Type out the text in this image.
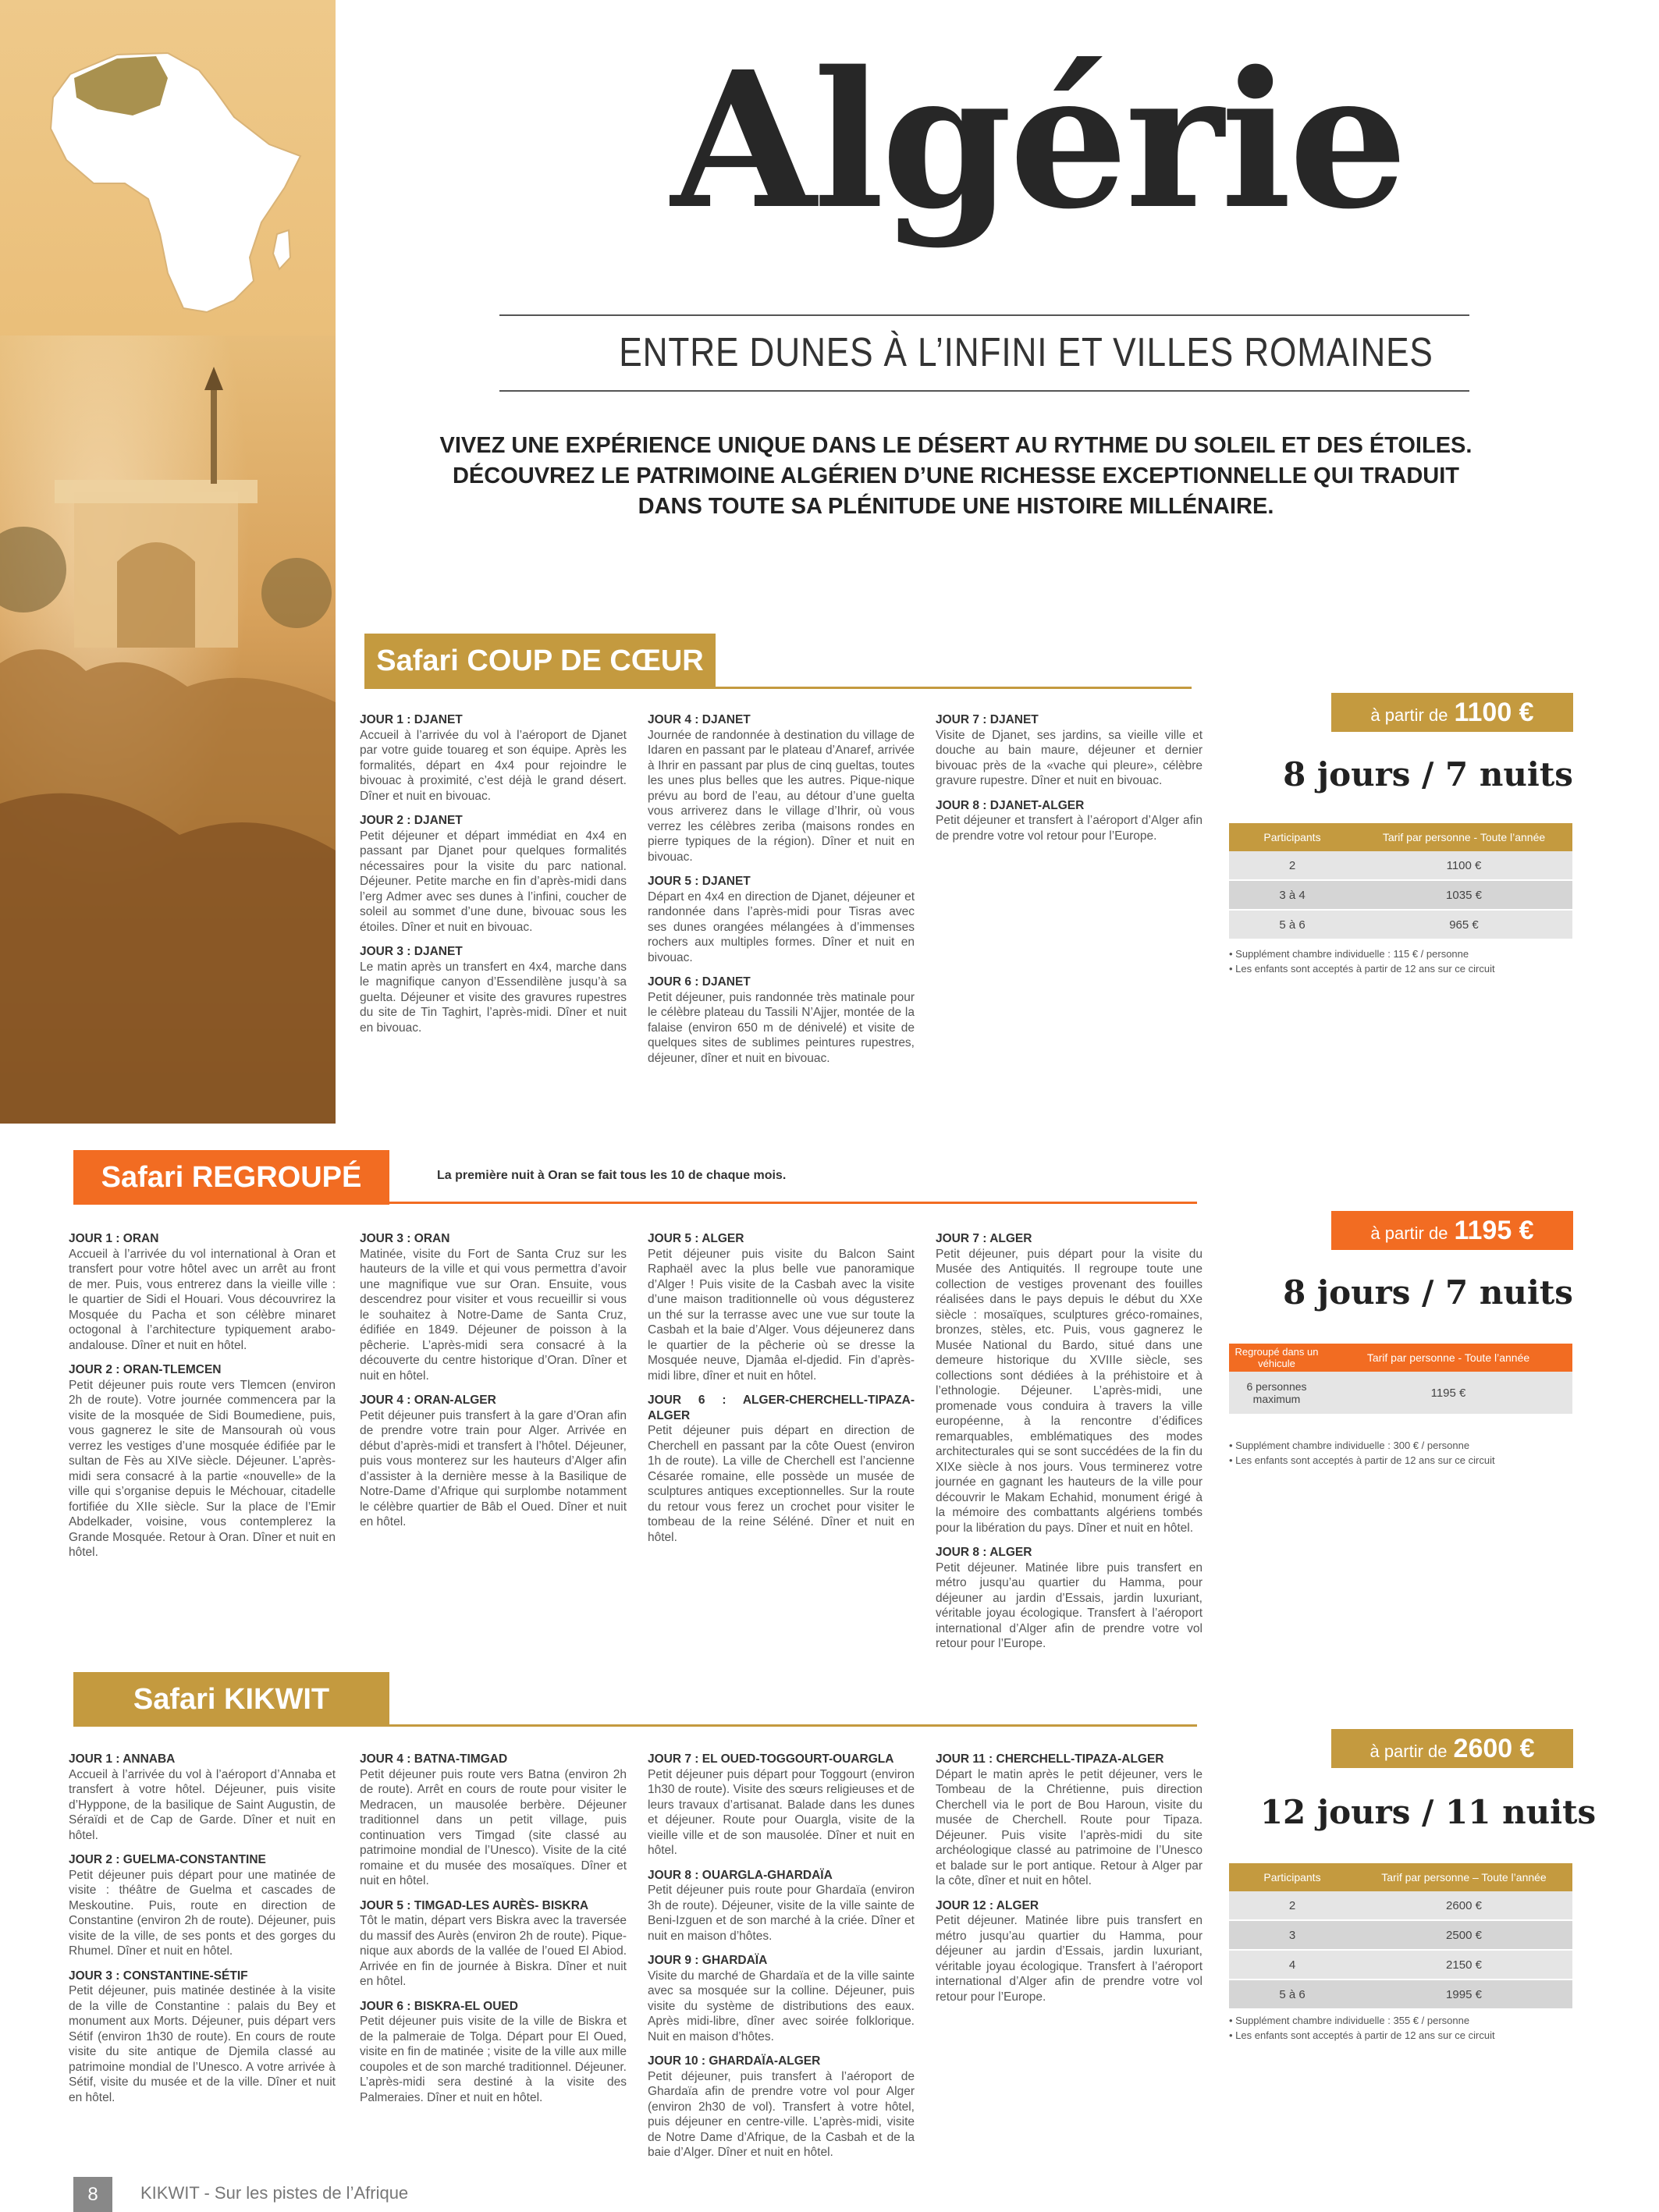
Algérie
ENTRE DUNES À L’INFINI ET VILLES ROMAINES
VIVEZ UNE EXPÉRIENCE UNIQUE DANS LE DÉSERT AU RYTHME DU SOLEIL ET DES ÉTOILES.
DÉCOUVREZ LE PATRIMOINE ALGÉRIEN D’UNE RICHESSE EXCEPTIONNELLE QUI TRADUIT
DANS TOUTE SA PLÉNITUDE UNE HISTOIRE MILLÉNAIRE.
Safari COUP DE CŒUR
JOUR 1 : DJANET
Accueil à l’arrivée du vol à l’aéroport de Djanet par votre guide touareg et son équipe. Après les formalités, départ en 4x4 pour rejoindre le bivouac à proximité, c’est déjà le grand désert. Dîner et nuit en bivouac.
JOUR 2 : DJANET
Petit déjeuner et départ immédiat en 4x4 en passant par Djanet pour quelques formalités nécessaires pour la visite du parc national. Déjeuner. Petite marche en fin d’après-midi dans l’erg Admer avec ses dunes à l’infini, coucher de soleil au sommet d’une dune, bivouac sous les étoiles. Dîner et nuit en bivouac.
JOUR 3 : DJANET
Le matin après un transfert en 4x4, marche dans le magnifique canyon d’Essendilène jusqu’à sa guelta. Déjeuner et visite des gravures rupestres du site de Tin Taghirt, l’après-midi. Dîner et nuit en bivouac.
JOUR 4 : DJANET
Journée de randonnée à destination du village de Idaren en passant par le plateau d’Anaref, arrivée à Ihrir en passant par plus de cinq gueltas, toutes les unes plus belles que les autres. Pique-nique prévu au bord de l’eau, au détour d’une guelta vous arriverez dans le village d’Ihrir, où vous verrez les célèbres zeriba (maisons rondes en pierre typiques de la région). Dîner et nuit en bivouac.
JOUR 5 : DJANET
Départ en 4x4 en direction de Djanet, déjeuner et randonnée dans l’après-midi pour Tisras avec ses dunes orangées mélangées à d’immenses rochers aux multiples formes. Dîner et nuit en bivouac.
JOUR 6 : DJANET
Petit déjeuner, puis randonnée très matinale pour le célèbre plateau du Tassili N’Ajjer, montée de la falaise (environ 650 m de dénivelé) et visite de quelques sites de sublimes peintures rupestres, déjeuner, dîner et nuit en bivouac.
JOUR 7 : DJANET
Visite de Djanet, ses jardins, sa vieille ville et douche au bain maure, déjeuner et dernier bivouac près de la «vache qui pleure», célèbre gravure rupestre. Dîner et nuit en bivouac.
JOUR 8 : DJANET-ALGER
Petit déjeuner et transfert à l’aéroport d’Alger afin de prendre votre vol retour pour l’Europe.
à partir de 1100 €
8 jours / 7 nuits
Participants	Tarif par personne - Toute l’année
2	1100 €
3 à 4	1035 €
5 à 6	965 €
• Supplément chambre individuelle : 115 € / personne
• Les enfants sont acceptés à partir de 12 ans sur ce circuit
Safari REGROUPÉ	La première nuit à Oran se fait tous les 10 de chaque mois.
JOUR 1 : ORAN
Accueil à l’arrivée du vol international à Oran et transfert pour votre hôtel avec un arrêt au front de mer. Puis, vous entrerez dans la vieille ville : le quartier de Sidi el Houari. Vous découvrirez la Mosquée du Pacha et son célèbre minaret octogonal à l’architecture typiquement arabo-andalouse. Dîner et nuit en hôtel.
JOUR 2 : ORAN-TLEMCEN
Petit déjeuner puis route vers Tlemcen (environ 2h de route). Votre journée commencera par la visite de la mosquée de Sidi Boumediene, puis, vous gagnerez le site de Mansourah où vous verrez les vestiges d’une mosquée édifiée par le sultan de Fès au XIVe siècle. Déjeuner. L’après-midi sera consacré à la partie «nouvelle» de la ville qui s’organise depuis le Méchouar, citadelle fortifiée du XIIe siècle. Sur la place de l’Emir Abdelkader, voisine, vous contemplerez la Grande Mosquée. Retour à Oran. Dîner et nuit en hôtel.
JOUR 3 : ORAN
Matinée, visite du Fort de Santa Cruz sur les hauteurs de la ville et qui vous permettra d’avoir une magnifique vue sur Oran. Ensuite, vous descendrez pour visiter et vous recueillir si vous le souhaitez à Notre-Dame de Santa Cruz, édifiée en 1849. Déjeuner de poisson à la pêcherie. L’après-midi sera consacré à la découverte du centre historique d’Oran. Dîner et nuit en hôtel.
JOUR 4 : ORAN-ALGER
Petit déjeuner puis transfert à la gare d’Oran afin de prendre votre train pour Alger. Arrivée en début d’après-midi et transfert à l’hôtel. Déjeuner, puis vous monterez sur les hauteurs d’Alger afin d’assister à la dernière messe à la Basilique de Notre-Dame d’Afrique qui surplombe notamment le célèbre quartier de Bâb el Oued. Dîner et nuit en hôtel.
JOUR 5 : ALGER
Petit déjeuner puis visite du Balcon Saint Raphaël avec la plus belle vue panoramique d’Alger ! Puis visite de la Casbah avec la visite d’une maison traditionnelle où vous dégusterez un thé sur la terrasse avec une vue sur toute la Casbah et la baie d’Alger. Vous déjeunerez dans le quartier de la pêcherie où se dresse la Mosquée neuve, Djamâa el-djedid. Fin d’après-midi libre, dîner et nuit en hôtel.
JOUR 6 : ALGER-CHERCHELL-TIPAZA-ALGER
Petit déjeuner puis départ en direction de Cherchell en passant par la côte Ouest (environ 1h de route). La ville de Cherchell est l’ancienne Césarée romaine, elle possède un musée de sculptures antiques exceptionnelles. Sur la route du retour vous ferez un crochet pour visiter le tombeau de la reine Séléné. Dîner et nuit en hôtel.
JOUR 7 : ALGER
Petit déjeuner, puis départ pour la visite du Musée des Antiquités. Il regroupe toute une collection de vestiges provenant des fouilles réalisées dans le pays depuis le début du XXe siècle : mosaïques, sculptures gréco-romaines, bronzes, stèles, etc. Puis, vous gagnerez le Musée National du Bardo, situé dans une demeure historique du XVIIIe siècle, ses collections sont dédiées à la préhistoire et à l’ethnologie. Déjeuner. L’après-midi, une promenade vous conduira à travers la ville européenne, à la rencontre d’édifices remarquables, emblématiques des modes architecturales qui se sont succédées de la fin du XIXe siècle à nos jours. Vous terminerez votre journée en gagnant les hauteurs de la ville pour découvrir le Makam Echahid, monument érigé à la mémoire des combattants algériens tombés pour la libération du pays. Dîner et nuit en hôtel.
JOUR 8 : ALGER
Petit déjeuner. Matinée libre puis transfert en métro jusqu’au quartier du Hamma, pour déjeuner au jardin d’Essais, jardin luxuriant, véritable joyau écologique. Transfert à l’aéroport international d’Alger afin de prendre votre vol retour pour l’Europe.
à partir de 1195 €
8 jours / 7 nuits
Regroupé dans un véhicule	Tarif par personne - Toute l’année
6 personnes maximum	1195 €
• Supplément chambre individuelle : 300 € / personne
• Les enfants sont acceptés à partir de 12 ans sur ce circuit
Safari KIKWIT
JOUR 1 : ANNABA
Accueil à l’arrivée du vol à l’aéroport d’Annaba et transfert à votre hôtel. Déjeuner, puis visite d’Hyppone, de la basilique de Saint Augustin, de Séraïdi et de Cap de Garde. Dîner et nuit en hôtel.
JOUR 2 : GUELMA-CONSTANTINE
Petit déjeuner puis départ pour une matinée de visite : théâtre de Guelma et cascades de Meskoutine. Puis, route en direction de Constantine (environ 2h de route). Déjeuner, puis visite de la ville, de ses ponts et des gorges du Rhumel. Dîner et nuit en hôtel.
JOUR 3 : CONSTANTINE-SÉTIF
Petit déjeuner, puis matinée destinée à la visite de la ville de Constantine : palais du Bey et monument aux Morts. Déjeuner, puis départ vers Sétif (environ 1h30 de route). En cours de route visite du site antique de Djemila classé au patrimoine mondial de l’Unesco. A votre arrivée à Sétif, visite du musée et de la ville. Dîner et nuit en hôtel.
JOUR 4 : BATNA-TIMGAD
Petit déjeuner puis route vers Batna (environ 2h de route). Arrêt en cours de route pour visiter le Medracen, un mausolée berbère. Déjeuner traditionnel dans un petit village, puis continuation vers Timgad (site classé au patrimoine mondial de l’Unesco). Visite de la cité romaine et du musée des mosaïques. Dîner et nuit en hôtel.
JOUR 5 : TIMGAD-LES AURÈS- BISKRA
Tôt le matin, départ vers Biskra avec la traversée du massif des Aurès (environ 2h de route). Pique-nique aux abords de la vallée de l’oued El Abiod. Arrivée en fin de journée à Biskra. Dîner et nuit en hôtel.
JOUR 6 : BISKRA-EL OUED
Petit déjeuner puis visite de la ville de Biskra et de la palmeraie de Tolga. Départ pour El Oued, visite en fin de matinée ; visite de la ville aux mille coupoles et de son marché traditionnel. Déjeuner. L’après-midi sera destiné à la visite des Palmeraies. Dîner et nuit en hôtel.
JOUR 7 : EL OUED-TOGGOURT-OUARGLA
Petit déjeuner puis départ pour Toggourt (environ 1h30 de route). Visite des sœurs religieuses et de leurs travaux d’artisanat. Balade dans les dunes et déjeuner. Route pour Ouargla, visite de la vieille ville et de son mausolée. Dîner et nuit en hôtel.
JOUR 8 : OUARGLA-GHARDAÏA
Petit déjeuner puis route pour Ghardaïa (environ 3h de route). Déjeuner, visite de la ville sainte de Beni-Izguen et de son marché à la criée. Dîner et nuit en maison d’hôtes.
JOUR 9 : GHARDAÏA
Visite du marché de Ghardaïa et de la ville sainte avec sa mosquée sur la colline. Déjeuner, puis visite du système de distributions des eaux. Après midi-libre, dîner avec soirée folklorique. Nuit en maison d’hôtes.
JOUR 10 : GHARDAÏA-ALGER
Petit déjeuner, puis transfert à l’aéroport de Ghardaïa afin de prendre votre vol pour Alger (environ 2h30 de vol). Transfert à votre hôtel, puis déjeuner en centre-ville. L’après-midi, visite de Notre Dame d’Afrique, de la Casbah et de la baie d’Alger. Dîner et nuit en hôtel.
JOUR 11 : CHERCHELL-TIPAZA-ALGER
Départ le matin après le petit déjeuner, vers le Tombeau de la Chrétienne, puis direction Cherchell via le port de Bou Haroun, visite du musée de Cherchell. Route pour Tipaza. Déjeuner. Puis visite l’après-midi du site archéologique classé au patrimoine de l’Unesco et balade sur le port antique. Retour à Alger par la côte, dîner et nuit en hôtel.
JOUR 12 : ALGER
Petit déjeuner. Matinée libre puis transfert en métro jusqu’au quartier du Hamma, pour déjeuner au jardin d’Essais, jardin luxuriant, véritable joyau écologique. Transfert à l’aéroport international d’Alger afin de prendre votre vol retour pour l’Europe.
à partir de 2600 €
12 jours / 11 nuits
Participants	Tarif par personne – Toute l’année
2	2600 €
3	2500 €
4	2150 €
5 à 6	1995 €
• Supplément chambre individuelle : 355 € / personne
• Les enfants sont acceptés à partir de 12 ans sur ce circuit
8	KIKWIT - Sur les pistes de l’Afrique
